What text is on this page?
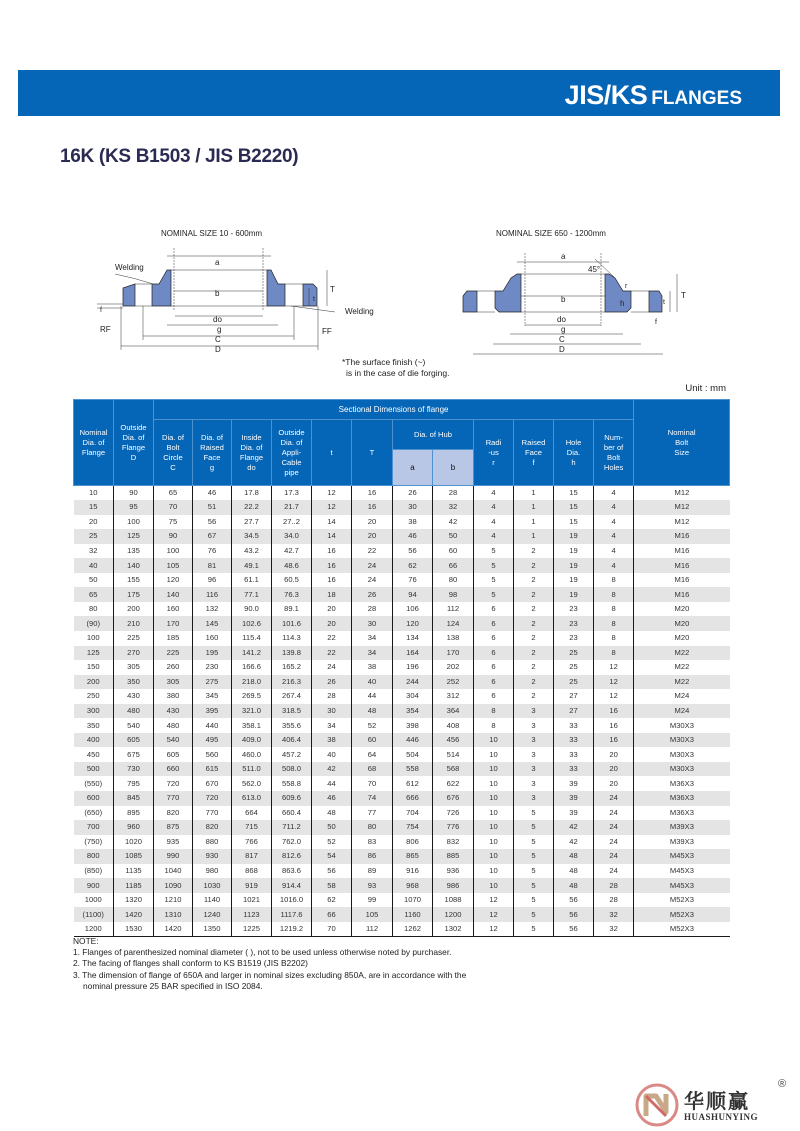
JIS/KS FLANGES
16K (KS B1503 / JIS B2220)
NOMINAL SIZE 10 - 600mm
Welding
a
b
do
g
C
D
T
t
f
RF	FF
Welding
NOMINAL SIZE 650 - 1200mm
a
45°
r
b	h
do
g
C
D
T
t
f
*The surface finish (~)
is in the case of die forging.
Unit : mm
Nominal
Dia. of
Flange	Outside
Dia. of
Flange
D	Sectional Dimensions of flange												Nominal
Bolt
Size
		Dia. of
Bolt
Circle
C	Dia. of
Raised
Face
g	Inside
Dia. of
Flange
do	Outside
Dia. of
Appli-
Cable
pipe	t	T	Dia. of Hub		Radi
-us
r	Raised
Face
f	Hole
Dia.
h	Num-
ber of
Bolt
Holes	
								a	b					
10	90	65	46	17.8	17.3	12	16	26	28	4	1	15	4	M12
15	95	70	51	22.2	21.7	12	16	30	32	4	1	15	4	M12
20	100	75	56	27.7	27..2	14	20	38	42	4	1	15	4	M12
25	125	90	67	34.5	34.0	14	20	46	50	4	1	19	4	M16
32	135	100	76	43.2	42.7	16	22	56	60	5	2	19	4	M16
40	140	105	81	49.1	48.6	16	24	62	66	5	2	19	4	M16
50	155	120	96	61.1	60.5	16	24	76	80	5	2	19	8	M16
65	175	140	116	77.1	76.3	18	26	94	98	5	2	19	8	M16
80	200	160	132	90.0	89.1	20	28	106	112	6	2	23	8	M20
(90)	210	170	145	102.6	101.6	20	30	120	124	6	2	23	8	M20
100	225	185	160	115.4	114.3	22	34	134	138	6	2	23	8	M20
125	270	225	195	141.2	139.8	22	34	164	170	6	2	25	8	M22
150	305	260	230	166.6	165.2	24	38	196	202	6	2	25	12	M22
200	350	305	275	218.0	216.3	26	40	244	252	6	2	25	12	M22
250	430	380	345	269.5	267.4	28	44	304	312	6	2	27	12	M24
300	480	430	395	321.0	318.5	30	48	354	364	8	3	27	16	M24
350	540	480	440	358.1	355.6	34	52	398	408	8	3	33	16	M30X3
400	605	540	495	409.0	406.4	38	60	446	456	10	3	33	16	M30X3
450	675	605	560	460.0	457.2	40	64	504	514	10	3	33	20	M30X3
500	730	660	615	511.0	508.0	42	68	558	568	10	3	33	20	M30X3
(550)	795	720	670	562.0	558.8	44	70	612	622	10	3	39	20	M36X3
600	845	770	720	613.0	609.6	46	74	666	676	10	3	39	24	M36X3
(650)	895	820	770	664	660.4	48	77	704	726	10	5	39	24	M36X3
700	960	875	820	715	711.2	50	80	754	776	10	5	42	24	M39X3
(750)	1020	935	880	766	762.0	52	83	806	832	10	5	42	24	M39X3
800	1085	990	930	817	812.6	54	86	865	885	10	5	48	24	M45X3
(850)	1135	1040	980	868	863.6	56	89	916	936	10	5	48	24	M45X3
900	1185	1090	1030	919	914.4	58	93	968	986	10	5	48	28	M45X3
1000	1320	1210	1140	1021	1016.0	62	99	1070	1088	12	5	56	28	M52X3
(1100)	1420	1310	1240	1123	1117.6	66	105	1160	1200	12	5	56	32	M52X3
1200	1530	1420	1350	1225	1219.2	70	112	1262	1302	12	5	56	32	M52X3
NOTE:
1. Flanges of parenthesized nominal diameter ( ), not to be used unless otherwise noted by purchaser.
2. The facing of flanges shall conform to KS B1519 (JIS B2202)
3. The dimension of flange of 650A and larger in nominal sizes excluding 850A, are in accordance with the
nominal pressure 25 BAR specified in ISO 2084.
华顺赢
HUASHUNYING
®
